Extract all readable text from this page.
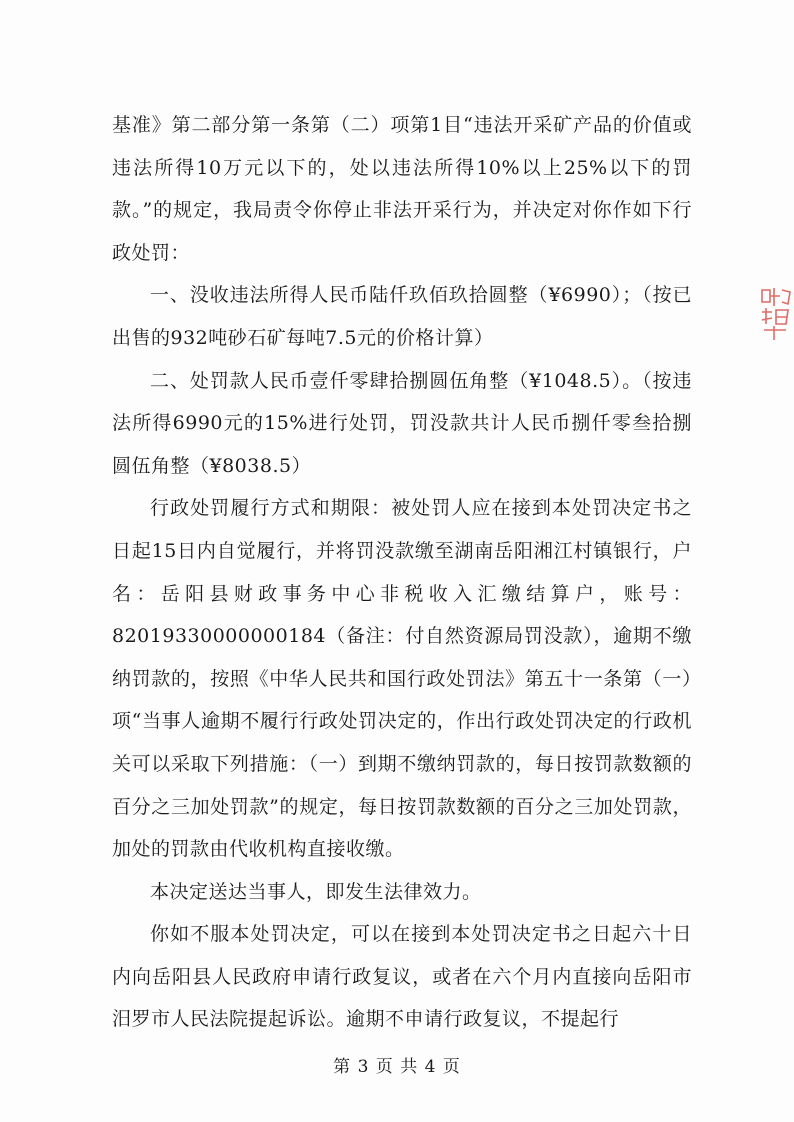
基准》第二部分第一条第（二）项第1目“违法开采矿产品的价值或违法所得10万元以下的，处以违法所得10%以上25%以下的罚款。”的规定，我局责令你停止非法开采行为，并决定对你作如下行政处罚：

一、没收违法所得人民币陆仟玖佰玖拾圆整（¥6990）；（按已出售的932吨砂石矿每吨7.5元的价格计算）

二、处罚款人民币壹仟零肆拾捌圆伍角整（¥1048.5）。（按违法所得6990元的15%进行处罚，罚没款共计人民币捌仟零叁拾捌圆伍角整（¥8038.5）

行政处罚履行方式和期限：被处罚人应在接到本处罚决定书之日起15日内自觉履行，并将罚没款缴至湖南岳阳湘江村镇银行，户名：岳阳县财政事务中心非税收入汇缴结算户，账号：82019330000000184（备注：付自然资源局罚没款），逾期不缴纳罚款的，按照《中华人民共和国行政处罚法》第五十一条第（一）项“当事人逾期不履行行政处罚决定的，作出行政处罚决定的行政机关可以采取下列措施：（一）到期不缴纳罚款的，每日按罚款数额的百分之三加处罚款”的规定，每日按罚款数额的百分之三加处罚款，加处的罚款由代收机构直接收缴。

本决定送达当事人，即发生法律效力。

你如不服本处罚决定，可以在接到本处罚决定书之日起六十日内向岳阳县人民政府申请行政复议，或者在六个月内直接向岳阳市汨罗市人民法院提起诉讼。逾期不申请行政复议，不提起行

第 3 页 共 4 页
